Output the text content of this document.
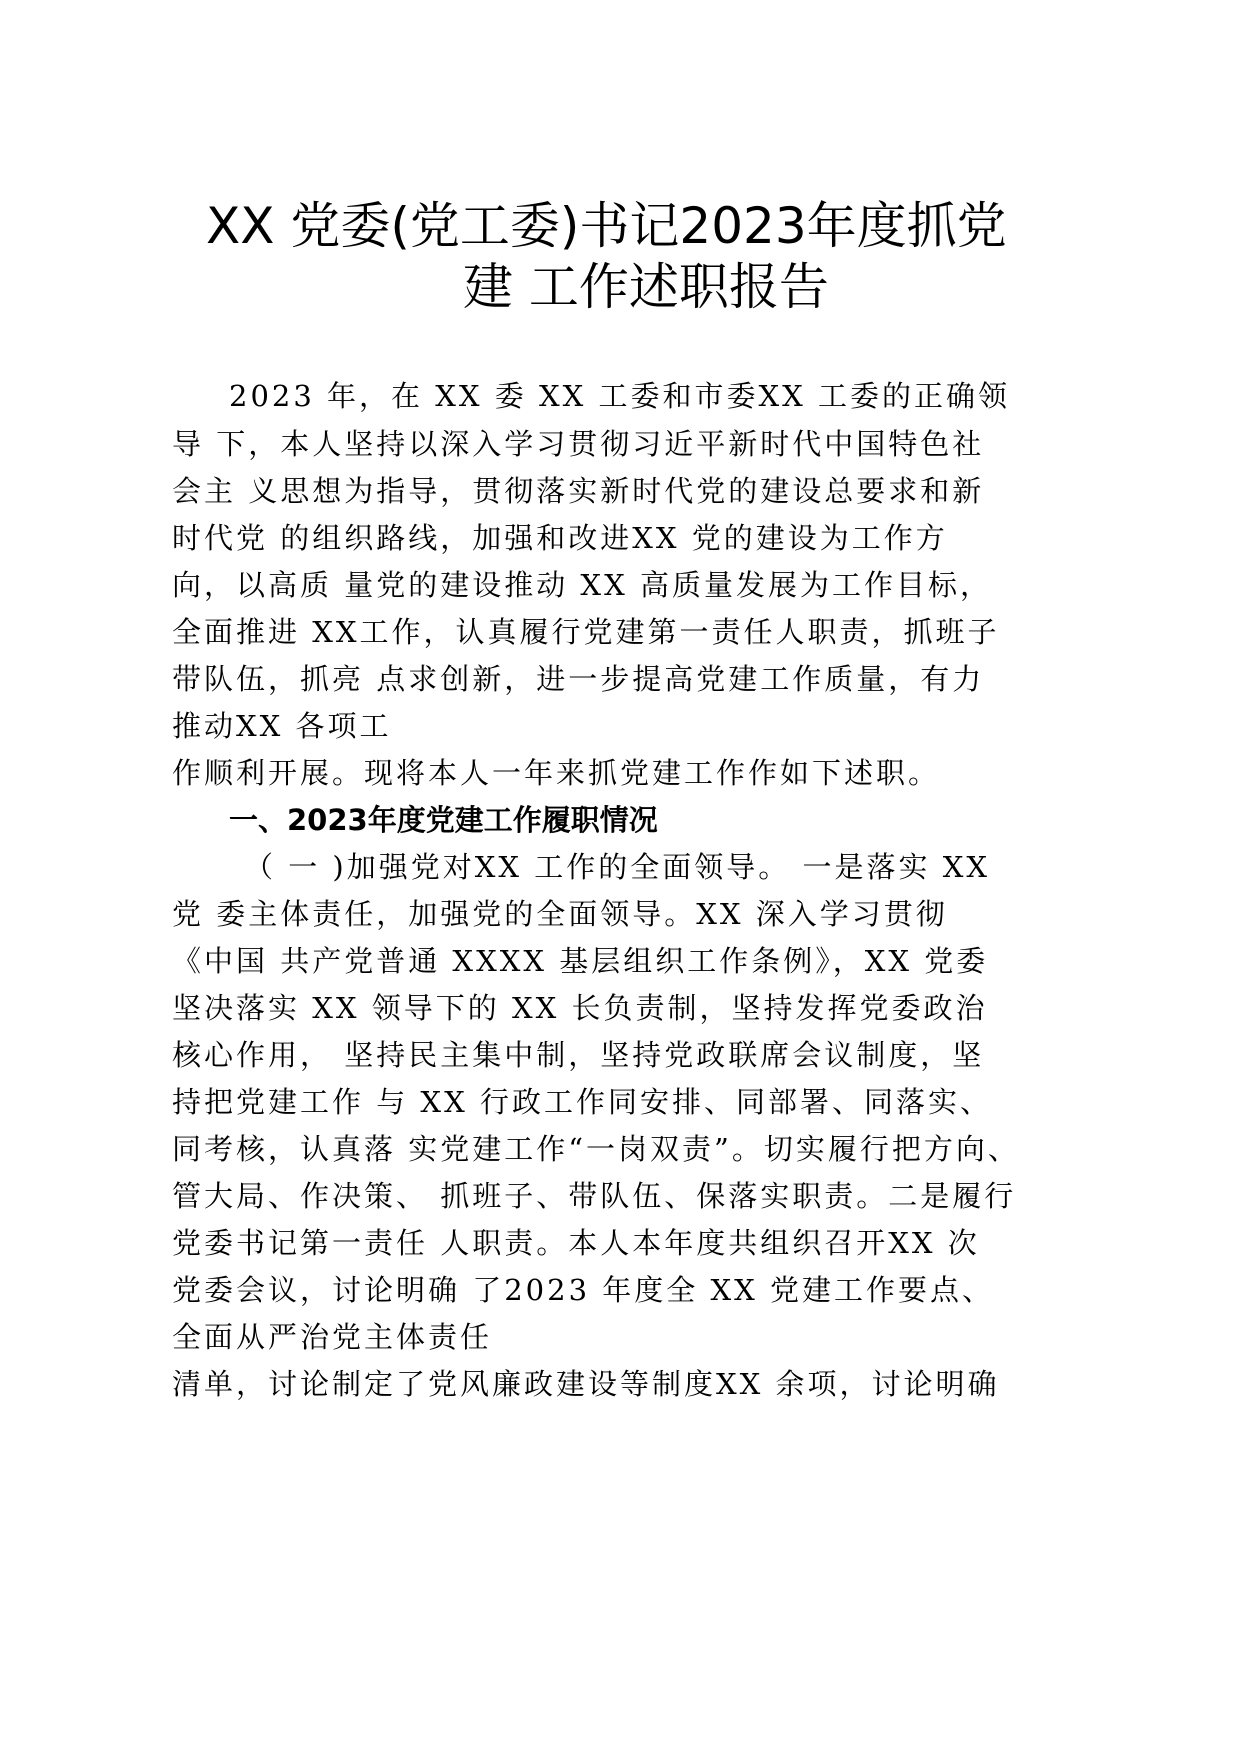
XX 党委(党工委)书记2023年度抓党
建 工作述职报告

2023 年，在 XX 委 XX 工委和市委XX 工委的正确领

导 下，本人坚持以深入学习贯彻习近平新时代中国特色社

会主 义思想为指导，贯彻落实新时代党的建设总要求和新

时代党 的组织路线，加强和改进XX 党的建设为工作方

向，以高质 量党的建设推动 XX 高质量发展为工作目标，

全面推进 XX工作，认真履行党建第一责任人职责，抓班子

带队伍，抓亮 点求创新，进一步提高党建工作质量，有力

推动XX 各项工

作顺利开展。现将本人一年来抓党建工作作如下述职。

一、2023年度党建工作履职情况

（ 一 )加强党对XX 工作的全面领导。 一是落实 XX

党 委主体责任，加强党的全面领导。XX 深入学习贯彻

《中国 共产党普通 XXXX 基层组织工作条例》，XX 党委

坚决落实 XX 领导下的 XX 长负责制，坚持发挥党委政治

核心作用， 坚持民主集中制，坚持党政联席会议制度，坚

持把党建工作 与 XX 行政工作同安排、同部署、同落实、

同考核，认真落 实党建工作“一岗双责”。切实履行把方向、

管大局、作决策、 抓班子、带队伍、保落实职责。二是履行

党委书记第一责任 人职责。本人本年度共组织召开XX 次

党委会议，讨论明确 了2023 年度全 XX 党建工作要点、

全面从严治党主体责任

清单，讨论制定了党风廉政建设等制度XX 余项，讨论明确
